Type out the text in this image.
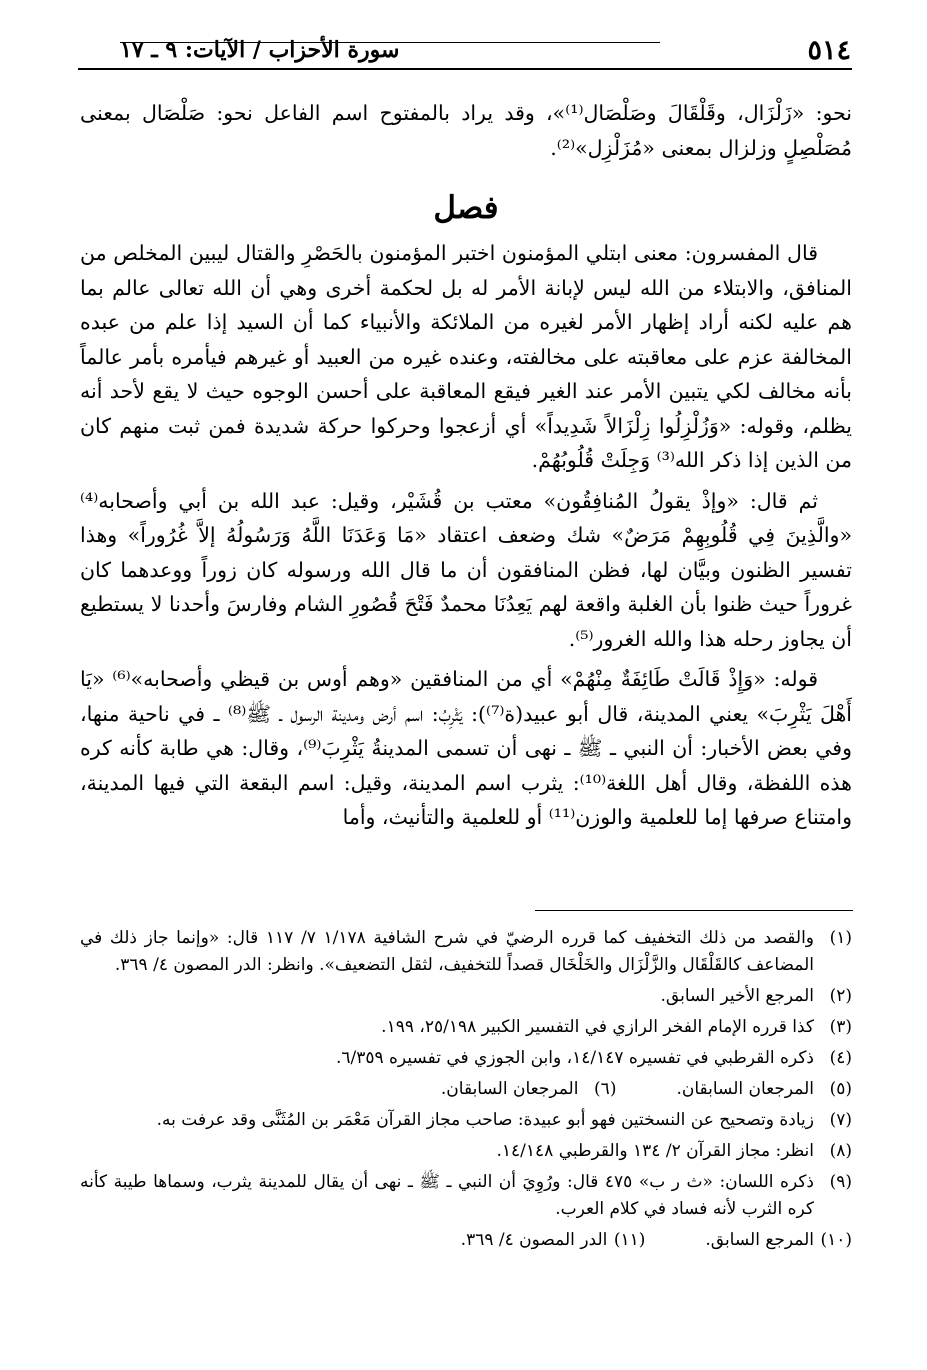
٥١٤
سورة الأحزاب / الآيات: ٩ ـ ١٧

نحو: «زَلْزَال، وقَلْقَالَ وصَلْصَال⁽¹⁾»، وقد يراد بالمفتوح اسم الفاعل نحو: صَلْصَال بمعنى مُصَلْصِلٍ وزلزال بمعنى «مُزَلْزِل»⁽²⁾.

فصل

قال المفسرون: معنى ابتلي المؤمنون اختبر المؤمنون بالحَصْرِ والقتال ليبين المخلص من المنافق، والابتلاء من الله ليس لإبانة الأمر له بل لحكمة أخرى وهي أن الله تعالى عالم بما هم عليه لكنه أراد إظهار الأمر لغيره من الملائكة والأنبياء كما أن السيد إذا علم من عبده المخالفة عزم على معاقبته على مخالفته، وعنده غيره من العبيد أو غيرهم فيأمره بأمر عالماً بأنه مخالف لكي يتبين الأمر عند الغير فيقع المعاقبة على أحسن الوجوه حيث لا يقع لأحد أنه يظلم، وقوله: «وَزُلْزِلُوا زِلْزَالاً شَدِيداً» أي أزعجوا وحركوا حركة شديدة فمن ثبت منهم كان من الذين إذا ذكر الله⁽³⁾ وَجِلَتْ قُلُوبُهُمْ.

ثم قال: «وإذْ يقولُ المُنافِقُون» معتب بن قُشَيْر، وقيل: عبد الله بن أبي وأصحابه⁽⁴⁾ «والَّذِينَ فِي قُلُوبِهِمْ مَرَضٌ» شك وضعف اعتقاد «مَا وَعَدَنَا اللَّهُ وَرَسُولُهُ إلاَّ غُرُوراً» وهذا تفسير الظنون وبيَّان لها، فظن المنافقون أن ما قال الله ورسوله كان زوراً ووعدهما كان غروراً حيث ظنوا بأن الغلبة واقعة لهم يَعِدُنَا محمدٌ فَتْحَ قُصُورِ الشام وفارسَ وأحدنا لا يستطيع أن يجاوز رحله هذا والله الغرور⁽⁵⁾.

قوله: «وَإِذْ قَالَتْ طَائِفَةٌ مِنْهُمْ» أي من المنافقين «وهم أوس بن قيظي وأصحابه»⁽⁶⁾ «يَا أَهْلَ يَثْرِبَ» يعني المدينة، قال أبو عبيد(ة⁽⁷⁾): يَثْرِبُ: اسم أرض ومدينة الرسول ـ ﷺ⁽⁸⁾ ـ في ناحية منها، وفي بعض الأخبار: أن النبي ـ ﷺ ـ نهى أن تسمى المدينةُ يَثْرِبَ⁽⁹⁾، وقال: هي طابة كأنه كره هذه اللفظة، وقال أهل اللغة⁽¹⁰⁾: يثرب اسم المدينة، وقيل: اسم البقعة التي فيها المدينة، وامتناع صرفها إما للعلمية والوزن⁽¹¹⁾ أو للعلمية والتأنيث، وأما

(١)
والقصد من ذلك التخفيف كما قرره الرضيّ في شرح الشافية ١/١٧٨ ٧/ ١١٧ قال: «وإنما جاز ذلك في المضاعف كالقَلْقَال والزَّلْزَال والخَلْخَال قصداً للتخفيف، لثقل التضعيف». وانظر: الدر المصون ٤/ ٣٦٩.
(٢)
المرجع الأخير السابق.
(٣)
كذا قرره الإمام الفخر الرازي في التفسير الكبير ٢٥/١٩٨، ١٩٩.
(٤)
ذكره القرطبي في تفسيره ١٤/١٤٧، وابن الجوزي في تفسيره ٦/٣٥٩.
(٥)
المرجعان السابقان.
(٦)
المرجعان السابقان.
(٧)
زيادة وتصحيح عن النسختين فهو أبو عبيدة: صاحب مجاز القرآن مَعْمَر بن المُثَنَّى وقد عرفت به.
(٨)
انظر: مجاز القرآن ٢/ ١٣٤ والقرطبي ١٤/١٤٨.
(٩)
ذكره اللسان: «ث ر ب» ٤٧٥ قال: ورُوِيَ أن النبي ـ ﷺ ـ نهى أن يقال للمدينة يثرب، وسماها طيبة كأنه كره الثرب لأنه فساد في كلام العرب.
(١٠)
المرجع السابق.
(١١)
الدر المصون ٤/ ٣٦٩.
